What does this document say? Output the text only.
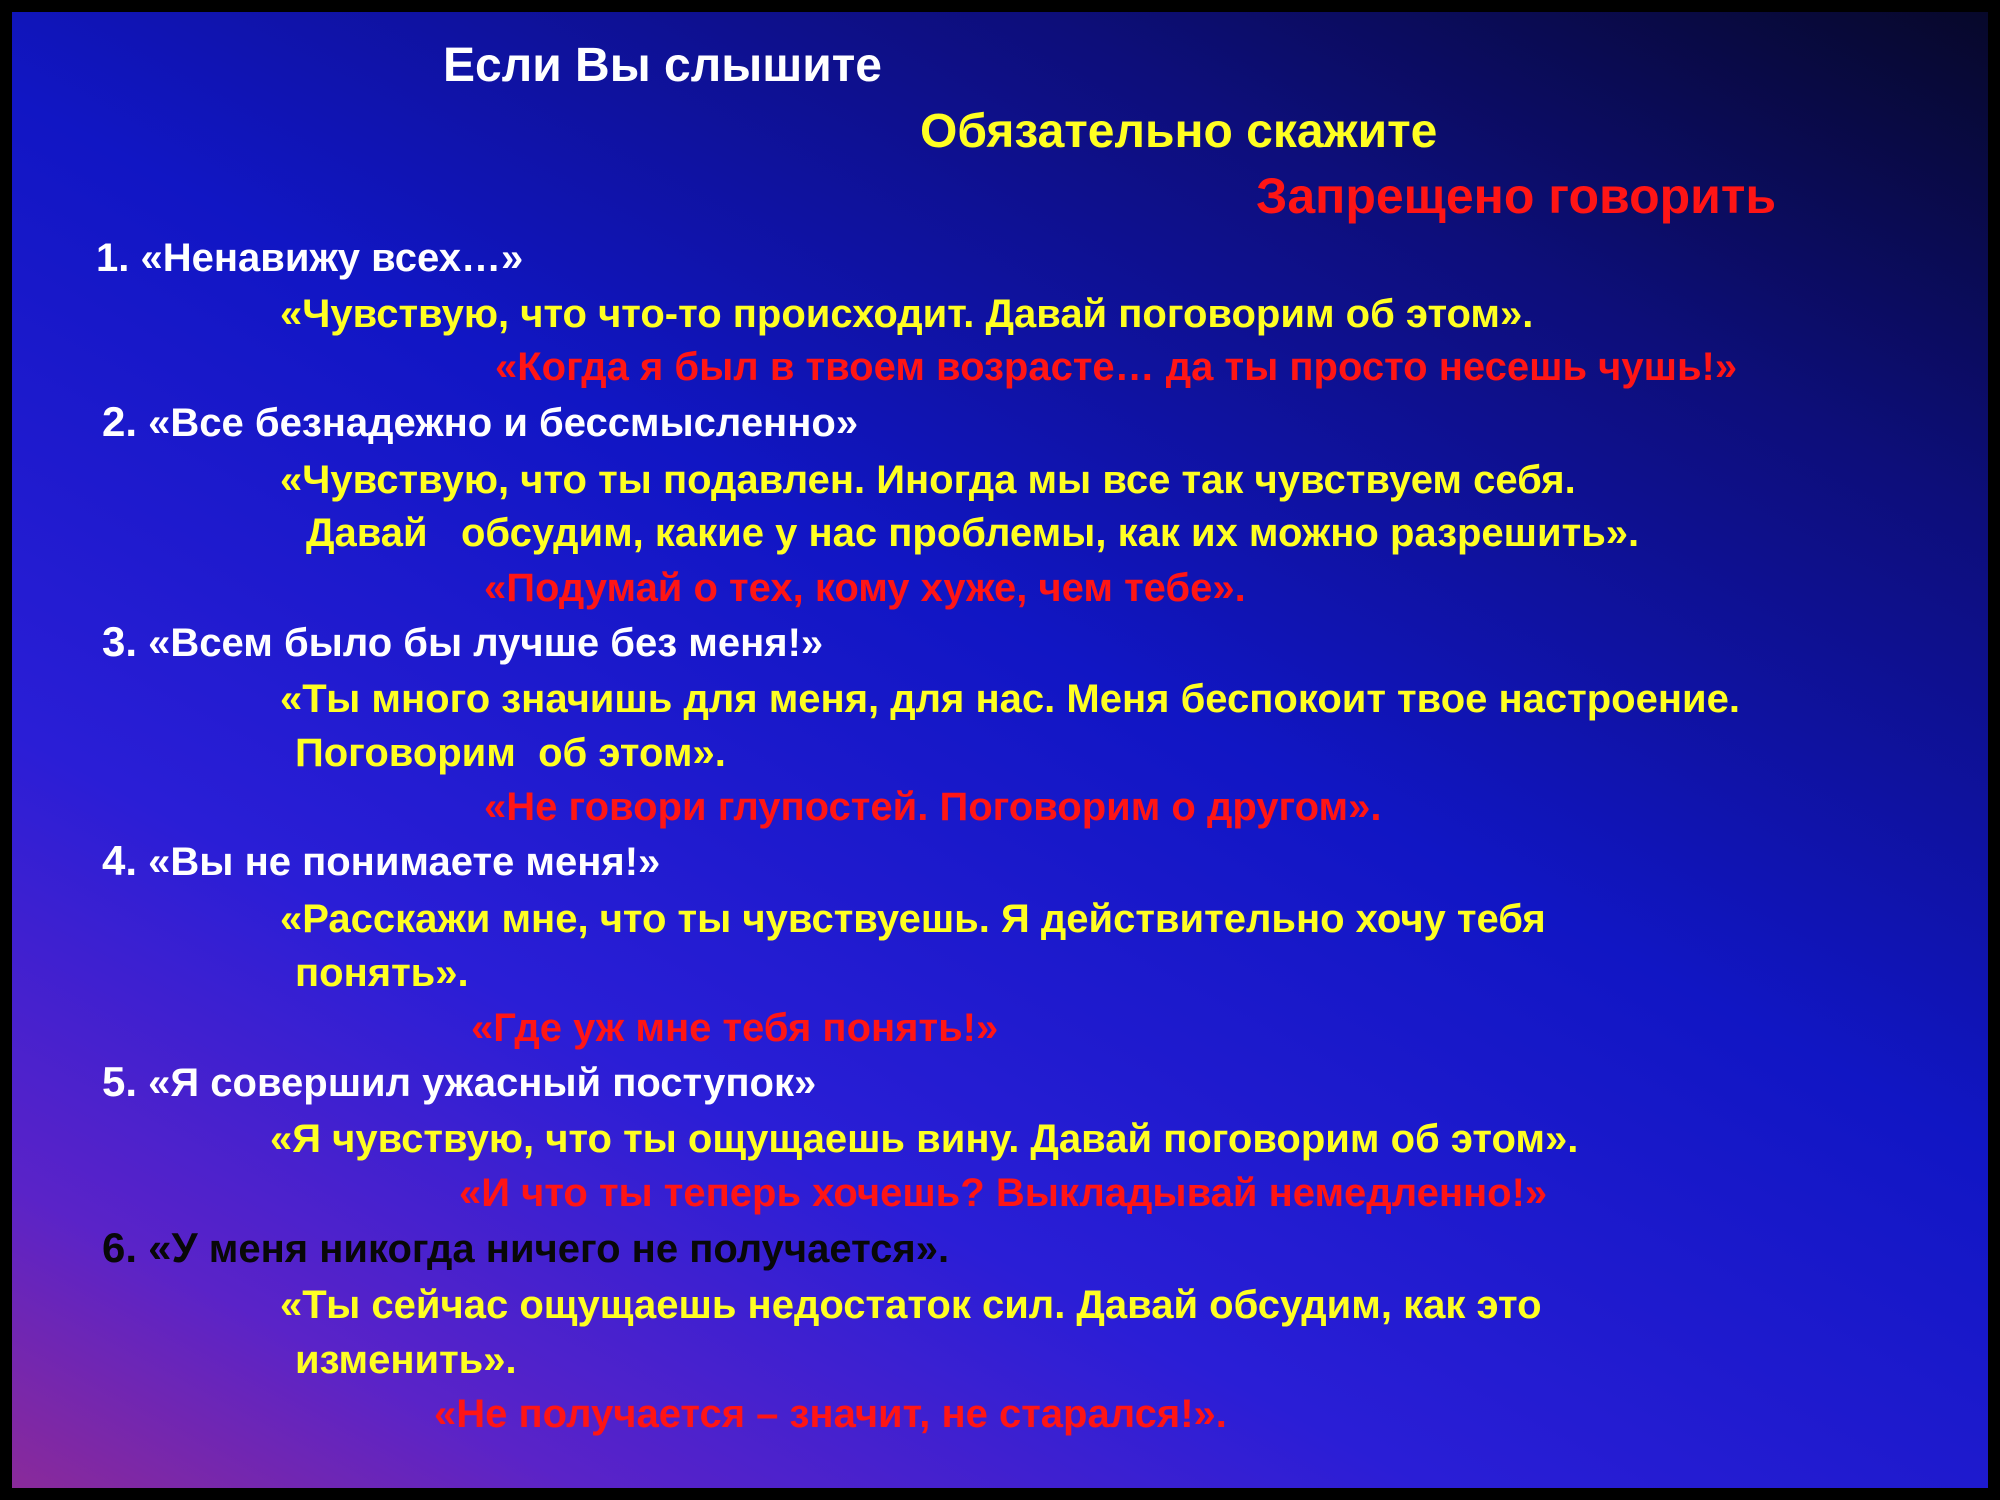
Если Вы слышите
Обязательно скажите
Запрещено говорить
1. «Ненавижу всех…»
«Чувствую, что что-то происходит. Давай поговорим об этом».
«Когда я был в твоем возрасте… да ты просто несешь чушь!»
2. «Все безнадежно и бессмысленно»
«Чувствую, что ты подавлен. Иногда мы все так чувствуем себя.
Давай   обсудим, какие у нас проблемы, как их можно разрешить».
«Подумай о тех, кому хуже, чем тебе».
3. «Всем было бы лучше без меня!»
«Ты много значишь для меня, для нас. Меня беспокоит твое настроение.
Поговорим  об этом».
«Не говори глупостей. Поговорим о другом».
4. «Вы не понимаете меня!»
«Расскажи мне, что ты чувствуешь. Я действительно хочу тебя
понять».
«Где уж мне тебя понять!»
5. «Я совершил ужасный поступок»
«Я чувствую, что ты ощущаешь вину. Давай поговорим об этом».
«И что ты теперь хочешь? Выкладывай немедленно!»
6. «У меня никогда ничего не получается».
«Ты сейчас ощущаешь недостаток сил. Давай обсудим, как это
изменить».
«Не получается – значит, не старался!».
